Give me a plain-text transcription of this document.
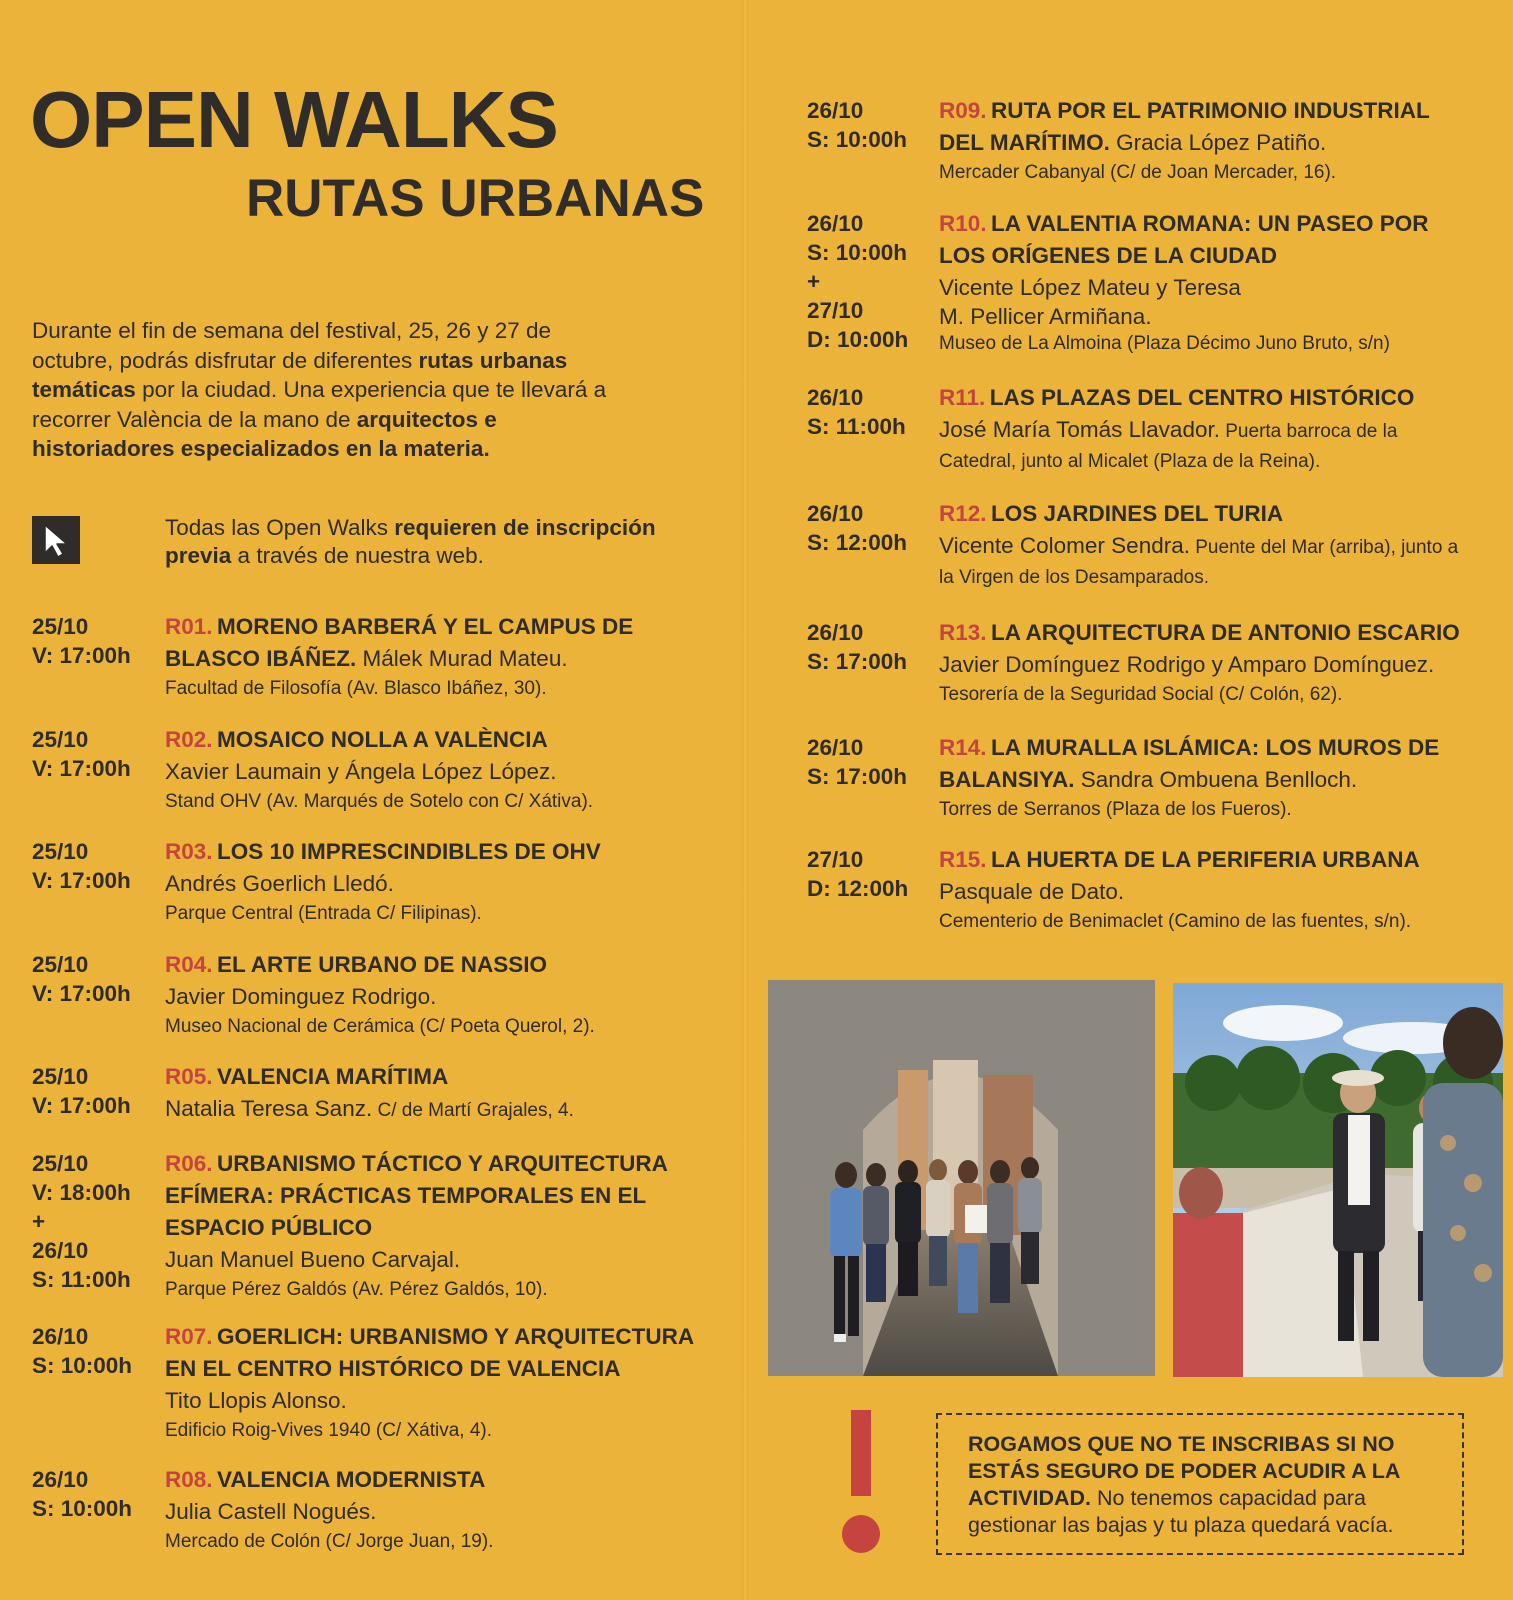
OPEN WALKS
RUTAS URBANAS

Durante el fin de semana del festival, 25, 26 y 27 de octubre, podrás disfrutar de diferentes rutas urbanas temáticas por la ciudad. Una experiencia que te llevará a recorrer València de la mano de arquitectos e historiadores especializados en la materia.

Todas las Open Walks requieren de inscripción previa a través de nuestra web.

25/10
V: 17:00h
R01. MORENO BARBERÁ Y EL CAMPUS DE BLASCO IBÁÑEZ. Málek Murad Mateu.
Facultad de Filosofía (Av. Blasco Ibáñez, 30).
25/10
V: 17:00h
R02. MOSAICO NOLLA A VALÈNCIA
Xavier Laumain y Ángela López López.
Stand OHV (Av. Marqués de Sotelo con C/ Xátiva).
25/10
V: 17:00h
R03. LOS 10 IMPRESCINDIBLES DE OHV
Andrés Goerlich Lledó.
Parque Central (Entrada C/ Filipinas).
25/10
V: 17:00h
R04. EL ARTE URBANO DE NASSIO
Javier Dominguez Rodrigo.
Museo Nacional de Cerámica (C/ Poeta Querol, 2).
25/10
V: 17:00h
R05. VALENCIA MARÍTIMA
Natalia Teresa Sanz. C/ de Martí Grajales, 4.
25/10
V: 18:00h
+
26/10
S: 11:00h
R06. URBANISMO TÁCTICO Y ARQUITECTURA EFÍMERA: PRÁCTICAS TEMPORALES EN EL ESPACIO PÚBLICO
Juan Manuel Bueno Carvajal.
Parque Pérez Galdós (Av. Pérez Galdós, 10).
26/10
S: 10:00h
R07. GOERLICH: URBANISMO Y ARQUITECTURA EN EL CENTRO HISTÓRICO DE VALENCIA
Tito Llopis Alonso.
Edificio Roig-Vives 1940 (C/ Xátiva, 4).
26/10
S: 10:00h
R08. VALENCIA MODERNISTA
Julia Castell Nogués.
Mercado de Colón (C/ Jorge Juan, 19).
26/10
S: 10:00h
R09. RUTA POR EL PATRIMONIO INDUSTRIAL DEL MARÍTIMO. Gracia López Patiño.
Mercader Cabanyal (C/ de Joan Mercader, 16).
26/10
S: 10:00h
+
27/10
D: 10:00h
R10. LA VALENTIA ROMANA: UN PASEO POR LOS ORÍGENES DE LA CIUDAD

Vicente López Mateu y Teresa M. Pellicer Armiñana.
Museo de La Almoina (Plaza Décimo Juno Bruto, s/n)
26/10
S: 11:00h
R11. LAS PLAZAS DEL CENTRO HISTÓRICO
José María Tomás Llavador. Puerta barroca de la Catedral, junto al Micalet (Plaza de la Reina).
26/10
S: 12:00h
R12. LOS JARDINES DEL TURIA
Vicente Colomer Sendra. Puente del Mar (arriba), junto a la Virgen de los Desamparados.
26/10
S: 17:00h
R13. LA ARQUITECTURA DE ANTONIO ESCARIO
Javier Domínguez Rodrigo y Amparo Domínguez.
Tesorería de la Seguridad Social (C/ Colón, 62).
26/10
S: 17:00h
R14. LA MURALLA ISLÁMICA: LOS MUROS DE BALANSIYA. Sandra Ombuena Benlloch.
Torres de Serranos (Plaza de los Fueros).
27/10
D: 12:00h
R15. LA HUERTA DE LA PERIFERIA URBANA
Pasquale de Dato.
Cementerio de Benimaclet (Camino de las fuentes, s/n).

ROGAMOS QUE NO TE INSCRIBAS SI NO ESTÁS SEGURO DE PODER ACUDIR A LA ACTIVIDAD. No tenemos capacidad para gestionar las bajas y tu plaza quedará vacía.
